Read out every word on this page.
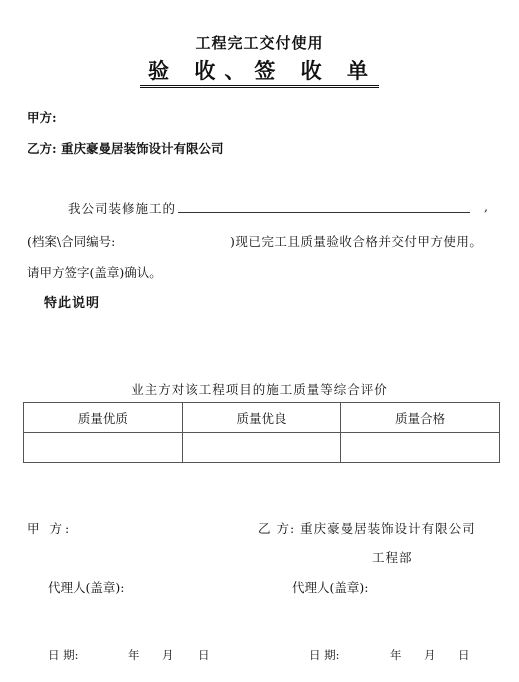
工程完工交付使用
验 收、签 收 单
甲方:
乙方: 重庆豪曼居装饰设计有限公司
我公司装修施工的	,
(档案\合同编号:	)现已完工且质量验收合格并交付甲方使用。
请甲方签字(盖章)确认。
特此说明
业主方对该工程项目的施工质量等综合评价
质量优质	质量优良	质量合格

甲 方:	乙 方: 重庆豪曼居装饰设计有限公司
工程部
代理人(盖章):	代理人(盖章):
日 期:	年 月 日	日 期:	年 月 日
